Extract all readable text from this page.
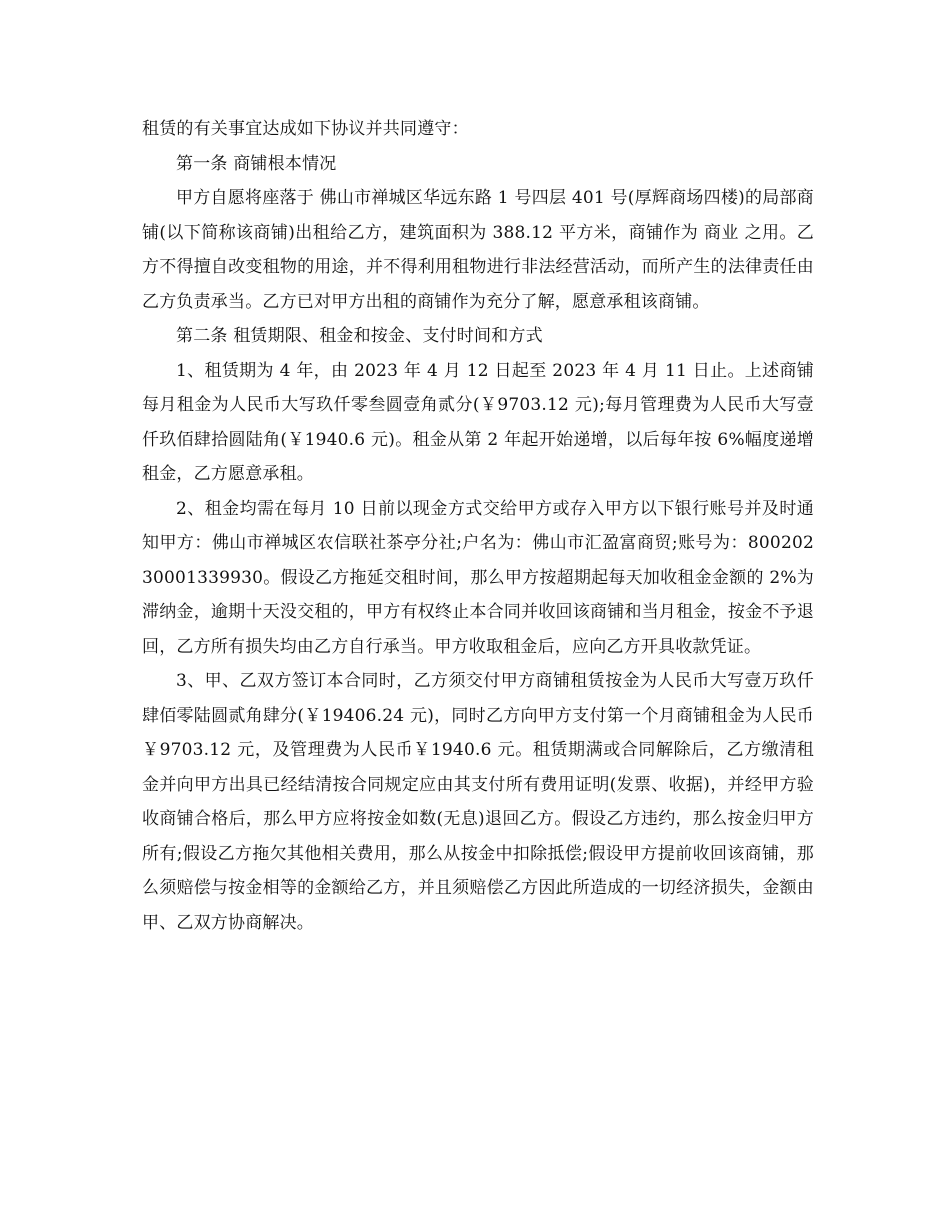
租赁的有关事宜达成如下协议并共同遵守：

第一条 商铺根本情况

甲方自愿将座落于 佛山市禅城区华远东路 1 号四层 401 号(厚辉商场四楼)的局部商铺(以下简称该商铺)出租给乙方，建筑面积为 388.12 平方米，商铺作为 商业 之用。乙方不得擅自改变租物的用途，并不得利用租物进行非法经营活动，而所产生的法律责任由乙方负责承当。乙方已对甲方出租的商铺作为充分了解，愿意承租该商铺。

第二条 租赁期限、租金和按金、支付时间和方式

1、租赁期为 4 年，由 2023 年 4 月 12 日起至 2023 年 4 月 11 日止。上述商铺每月租金为人民币大写玖仟零叁圆壹角贰分(￥9703.12 元);每月管理费为人民币大写壹仟玖佰肆拾圆陆角(￥1940.6 元)。租金从第 2 年起开始递增，以后每年按 6%幅度递增租金，乙方愿意承租。

2、租金均需在每月 10 日前以现金方式交给甲方或存入甲方以下银行账号并及时通知甲方：佛山市禅城区农信联社茶亭分社;户名为：佛山市汇盈富商贸;账号为：80020230001339930。假设乙方拖延交租时间，那么甲方按超期起每天加收租金金额的 2%为滞纳金，逾期十天没交租的，甲方有权终止本合同并收回该商铺和当月租金，按金不予退回，乙方所有损失均由乙方自行承当。甲方收取租金后，应向乙方开具收款凭证。

3、甲、乙双方签订本合同时，乙方须交付甲方商铺租赁按金为人民币大写壹万玖仟肆佰零陆圆贰角肆分(￥19406.24 元)，同时乙方向甲方支付第一个月商铺租金为人民币￥9703.12 元，及管理费为人民币￥1940.6 元。租赁期满或合同解除后，乙方缴清租金并向甲方出具已经结清按合同规定应由其支付所有费用证明(发票、收据)，并经甲方验收商铺合格后，那么甲方应将按金如数(无息)退回乙方。假设乙方违约，那么按金归甲方所有;假设乙方拖欠其他相关费用，那么从按金中扣除抵偿;假设甲方提前收回该商铺，那么须赔偿与按金相等的金额给乙方，并且须赔偿乙方因此所造成的一切经济损失，金额由甲、乙双方协商解决。
